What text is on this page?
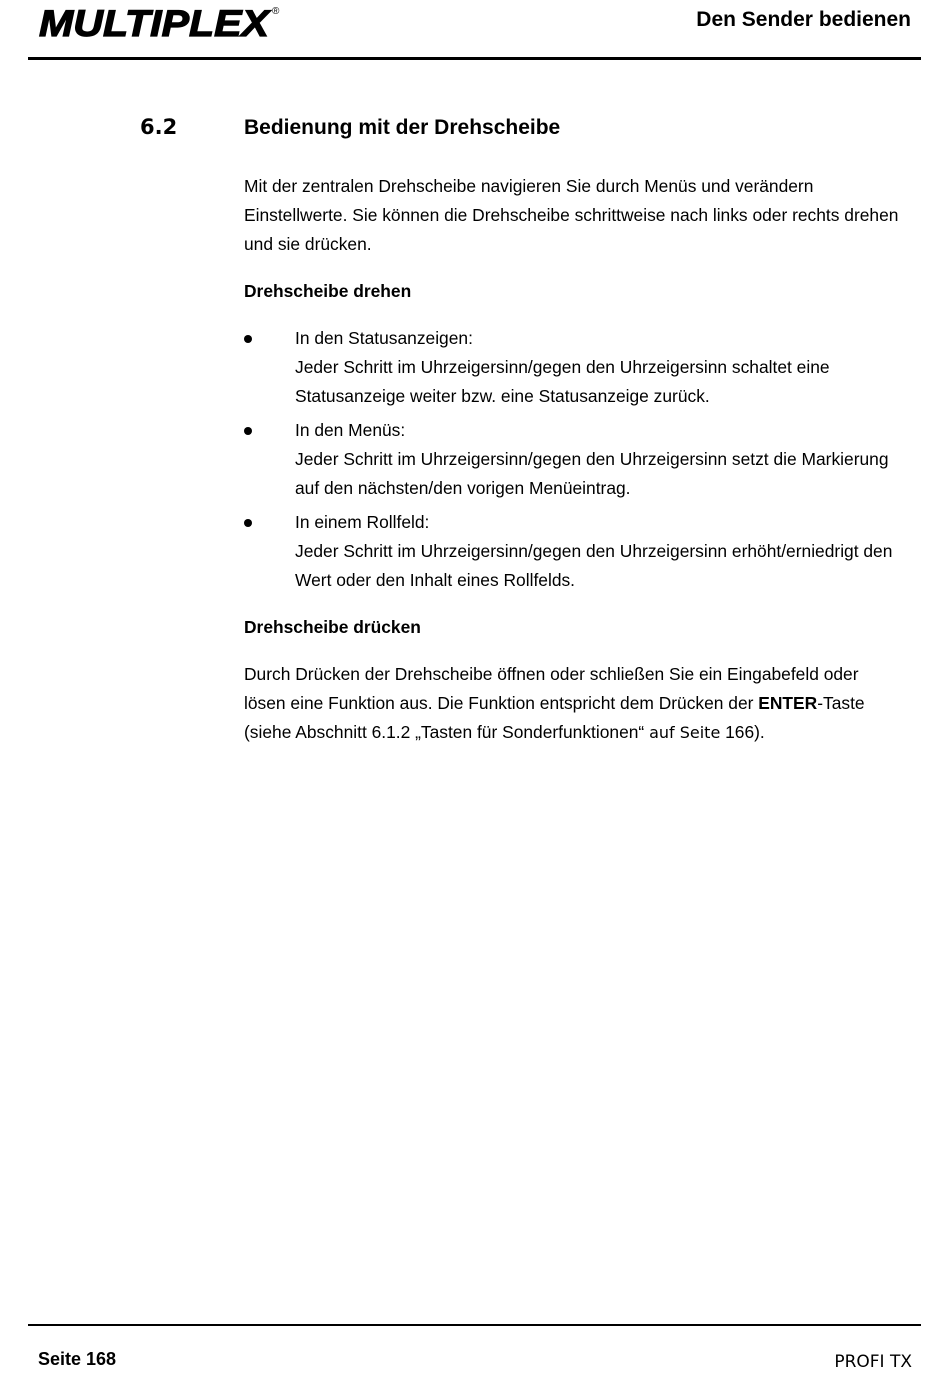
MULTIPLEX ®	Den Sender bedienen
6.2	Bedienung mit der Drehscheibe

Mit der zentralen Drehscheibe navigieren Sie durch Menüs und verändern Einstellwerte. Sie können die Drehscheibe schrittweise nach links oder rechts drehen und sie drücken.

Drehscheibe drehen

In den Statusanzeigen:
Jeder Schritt im Uhrzeigersinn/gegen den Uhrzeigersinn schaltet eine Statusanzeige weiter bzw. eine Statusanzeige zurück.
In den Menüs:
Jeder Schritt im Uhrzeigersinn/gegen den Uhrzeigersinn setzt die Markierung auf den nächsten/den vorigen Menüeintrag.
In einem Rollfeld:
Jeder Schritt im Uhrzeigersinn/gegen den Uhrzeigersinn erhöht/erniedrigt den Wert oder den Inhalt eines Rollfelds.

Drehscheibe drücken

Durch Drücken der Drehscheibe öffnen oder schließen Sie ein Eingabefeld oder lösen eine Funktion aus. Die Funktion entspricht dem Drücken der ENTER-Taste (siehe Abschnitt 6.1.2 „Tasten für Sonderfunktionen“ auf Seite 166).

Seite 168	PROFI TX
